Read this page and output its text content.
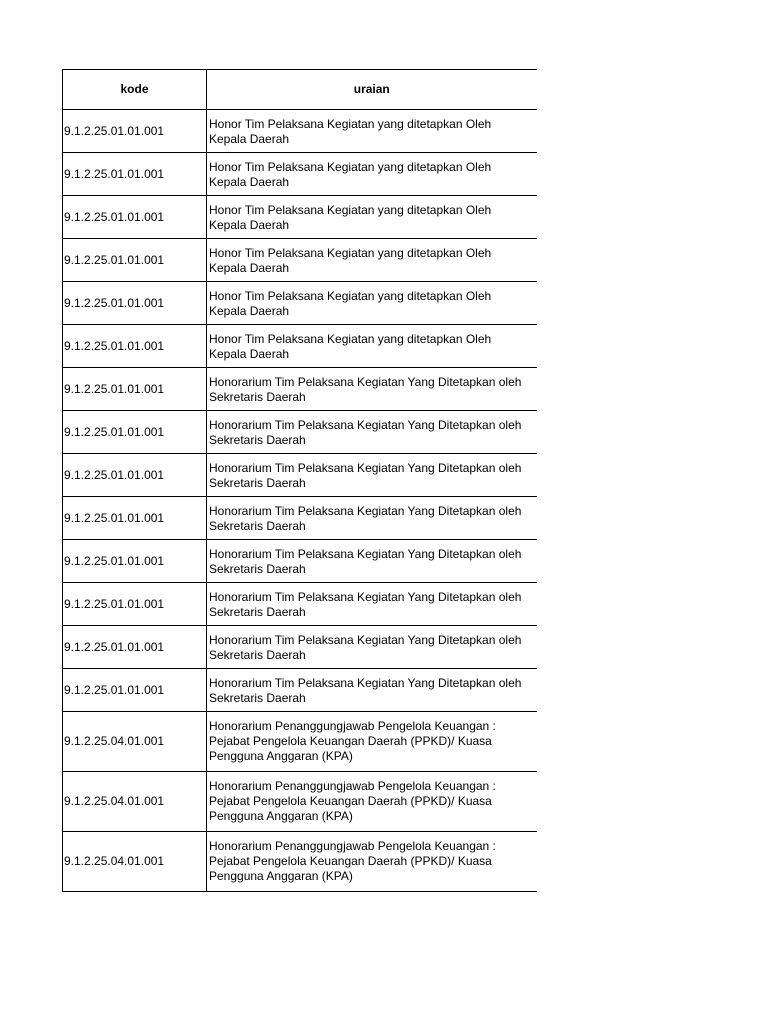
kode	uraian
9.1.2.25.01.01.001	Honor Tim Pelaksana Kegiatan yang ditetapkan Oleh Kepala Daerah
9.1.2.25.01.01.001	Honor Tim Pelaksana Kegiatan yang ditetapkan Oleh Kepala Daerah
9.1.2.25.01.01.001	Honor Tim Pelaksana Kegiatan yang ditetapkan Oleh Kepala Daerah
9.1.2.25.01.01.001	Honor Tim Pelaksana Kegiatan yang ditetapkan Oleh Kepala Daerah
9.1.2.25.01.01.001	Honor Tim Pelaksana Kegiatan yang ditetapkan Oleh Kepala Daerah
9.1.2.25.01.01.001	Honor Tim Pelaksana Kegiatan yang ditetapkan Oleh Kepala Daerah
9.1.2.25.01.01.001	Honorarium Tim Pelaksana Kegiatan Yang Ditetapkan oleh Sekretaris Daerah
9.1.2.25.01.01.001	Honorarium Tim Pelaksana Kegiatan Yang Ditetapkan oleh Sekretaris Daerah
9.1.2.25.01.01.001	Honorarium Tim Pelaksana Kegiatan Yang Ditetapkan oleh Sekretaris Daerah
9.1.2.25.01.01.001	Honorarium Tim Pelaksana Kegiatan Yang Ditetapkan oleh Sekretaris Daerah
9.1.2.25.01.01.001	Honorarium Tim Pelaksana Kegiatan Yang Ditetapkan oleh Sekretaris Daerah
9.1.2.25.01.01.001	Honorarium Tim Pelaksana Kegiatan Yang Ditetapkan oleh Sekretaris Daerah
9.1.2.25.01.01.001	Honorarium Tim Pelaksana Kegiatan Yang Ditetapkan oleh Sekretaris Daerah
9.1.2.25.01.01.001	Honorarium Tim Pelaksana Kegiatan Yang Ditetapkan oleh Sekretaris Daerah
9.1.2.25.04.01.001	Honorarium Penanggungjawab Pengelola Keuangan : Pejabat Pengelola Keuangan Daerah (PPKD)/ Kuasa Pengguna Anggaran (KPA)
9.1.2.25.04.01.001	Honorarium Penanggungjawab Pengelola Keuangan : Pejabat Pengelola Keuangan Daerah (PPKD)/ Kuasa Pengguna Anggaran (KPA)
9.1.2.25.04.01.001	Honorarium Penanggungjawab Pengelola Keuangan : Pejabat Pengelola Keuangan Daerah (PPKD)/ Kuasa Pengguna Anggaran (KPA)
